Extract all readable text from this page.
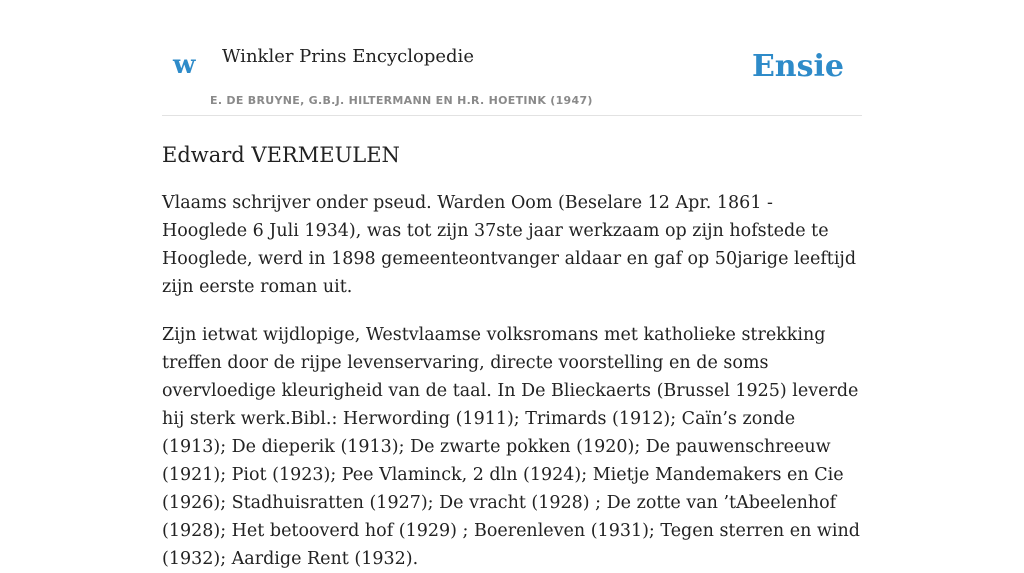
w Winkler Prins Encyclopedie
E. DE BRUYNE, G.B.J. HILTERMANN EN H.R. HOETINK (1947)
Ensie
Edward VERMEULEN

Vlaams schrijver onder pseud. Warden Oom (Beselare 12 Apr. 1861 - Hooglede 6 Juli 1934), was tot zijn 37ste jaar werkzaam op zijn hofstede te Hooglede, werd in 1898 gemeenteontvanger aldaar en gaf op 50jarige leeftijd zijn eerste roman uit.

Zijn ietwat wijdlopige, Westvlaamse volksromans met katholieke strekking treffen door de rijpe levenservaring, directe voorstelling en de soms overvloedige kleurigheid van de taal. In De Blieckaerts (Brussel 1925) leverde hij sterk werk.Bibl.: Herwording (1911); Trimards (1912); Caïn’s zonde (1913); De dieperik (1913); De zwarte pokken (1920); De pauwenschreeuw (1921); Piot (1923); Pee Vlaminck, 2 dln (1924); Mietje Mandemakers en Cie (1926); Stadhuisratten (1927); De vracht (1928) ; De zotte van ’tAbeelenhof (1928); Het betooverd hof (1929) ; Boerenleven (1931); Tegen sterren en wind (1932); Aardige Rent (1932).
